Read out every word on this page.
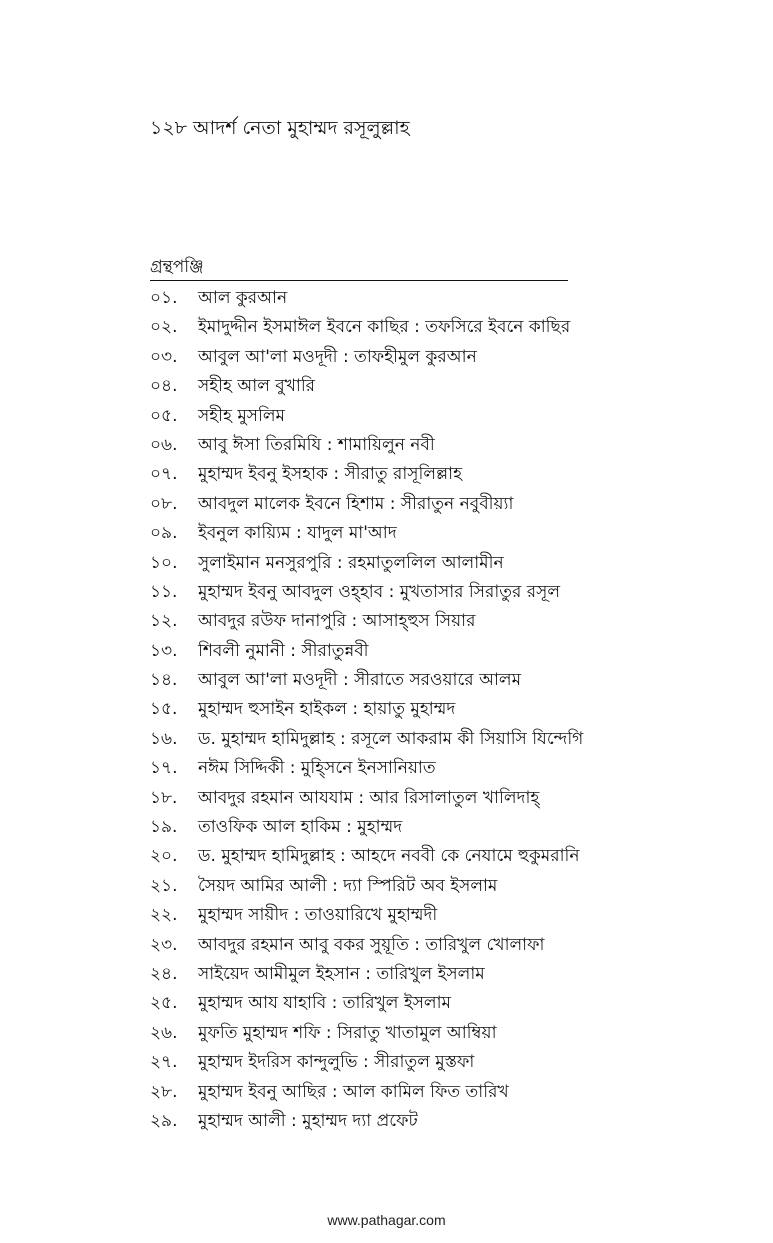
১২৮ আদর্শ নেতা মুহাম্মদ রসূলুল্লাহ
গ্রন্থপঞ্জি
০১.	আল কুরআন
০২.	ইমাদুদ্দীন ইসমাঈল ইবনে কাছির : তফসিরে ইবনে কাছির
০৩.	আবুল আ'লা মওদূদী : তাফহীমুল কুরআন
০৪.	সহীহ আল বুখারি
০৫.	সহীহ মুসলিম
০৬.	আবু ঈসা তিরমিযি : শামায়িলুন নবী
০৭.	মুহাম্মদ ইবনু ইসহাক : সীরাতু রাসূলিল্লাহ
০৮.	আবদুল মালেক ইবনে হিশাম : সীরাতুন নবুবীয়্যা
০৯.	ইবনুল কায়্যিম : যাদুল মা'আদ
১০.	সুলাইমান মনসুরপুরি : রহমাতুললিল আলামীন
১১.	মুহাম্মদ ইবনু আবদুল ওহ্হাব : মুখতাসার সিরাতুর রসূল
১২.	আবদুর রউফ দানাপুরি : আসাহ্হুস সিয়ার
১৩.	শিবলী নুমানী : সীরাতুন্নবী
১৪.	আবুল আ'লা মওদূদী : সীরাতে সরওয়ারে আলম
১৫.	মুহাম্মদ হুসাইন হাইকল : হায়াতু মুহাম্মদ
১৬.	ড. মুহাম্মদ হামিদুল্লাহ : রসূলে আকরাম কী সিয়াসি যিন্দেগি
১৭.	নঈম সিদ্দিকী : মুহ্সিনে ইনসানিয়াত
১৮.	আবদুর রহমান আযযাম : আর রিসালাতুল খালিদাহ্
১৯.	তাওফিক আল হাকিম : মুহাম্মদ
২০.	ড. মুহাম্মদ হামিদুল্লাহ : আহদে নববী কে নেযামে হুকুমরানি
২১.	সৈয়দ আমির আলী : দ্যা স্পিরিট অব ইসলাম
২২.	মুহাম্মদ সায়ীদ : তাওয়ারিখে মুহাম্মদী
২৩.	আবদুর রহমান আবু বকর সুয়ূতি : তারিখুল খোলাফা
২৪.	সাইয়েদ আমীমুল ইহসান : তারিখুল ইসলাম
২৫.	মুহাম্মদ আয যাহাবি : তারিখুল ইসলাম
২৬.	মুফতি মুহাম্মদ শফি : সিরাতু খাতামুল আম্বিয়া
২৭.	মুহাম্মদ ইদরিস কান্দুলুভি : সীরাতুল মুস্তফা
২৮.	মুহাম্মদ ইবনু আছির : আল কামিল ফিত তারিখ
২৯.	মুহাম্মদ আলী : মুহাম্মদ দ্যা প্রফেট
www.pathagar.com
